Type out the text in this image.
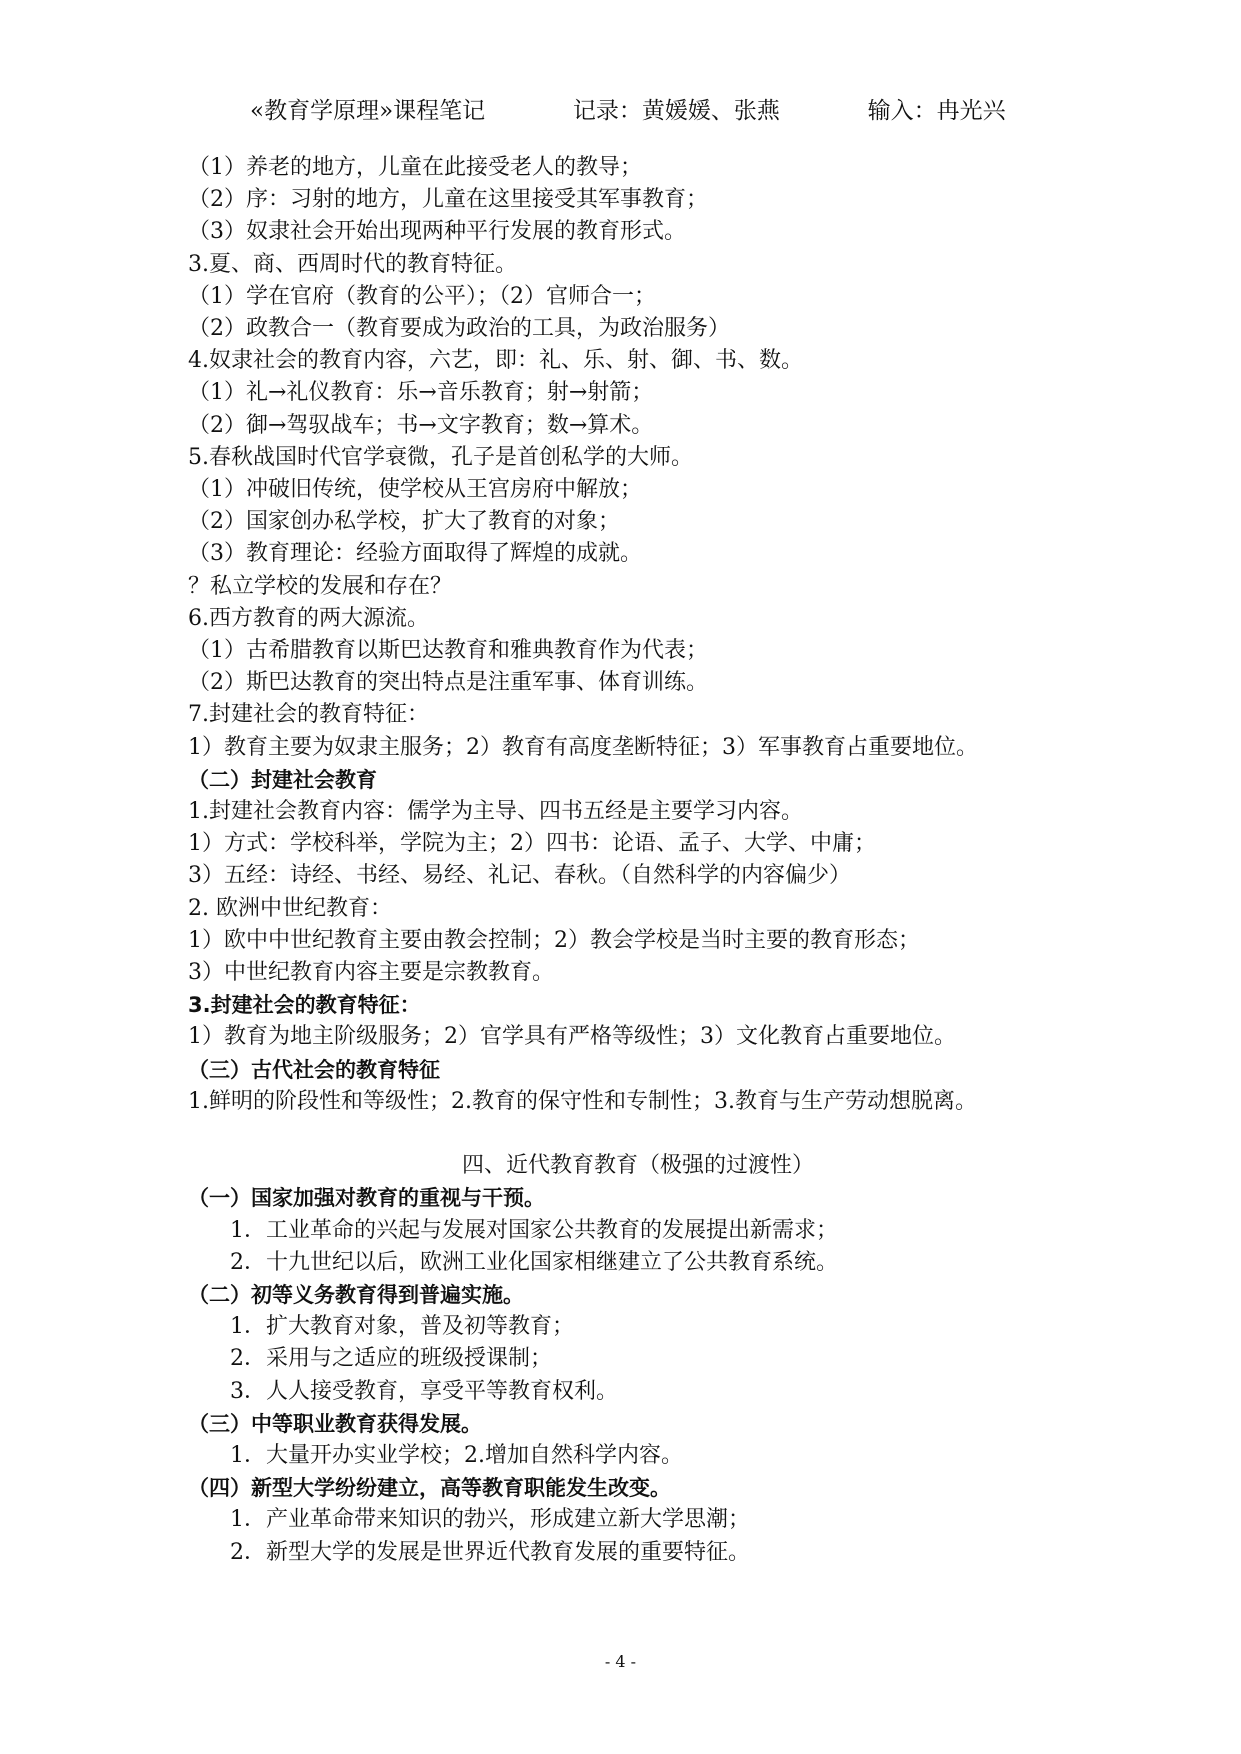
«教育学原理»课程笔记	记录：黄媛媛、张燕	输入：冉光兴
（1）养老的地方，儿童在此接受老人的教导；
（2）序：习射的地方，儿童在这里接受其军事教育；
（3）奴隶社会开始出现两种平行发展的教育形式。
3.夏、商、西周时代的教育特征。
（1）学在官府（教育的公平）；（2）官师合一；
（2）政教合一（教育要成为政治的工具，为政治服务）
4.奴隶社会的教育内容，六艺，即：礼、乐、射、御、书、数。
（1）礼→礼仪教育：乐→音乐教育；射→射箭；
（2）御→驾驭战车；书→文字教育；数→算术。
5.春秋战国时代官学衰微，孔子是首创私学的大师。
（1）冲破旧传统，使学校从王宫房府中解放；
（2）国家创办私学校，扩大了教育的对象；
（3）教育理论：经验方面取得了辉煌的成就。
？私立学校的发展和存在？
6.西方教育的两大源流。
（1）古希腊教育以斯巴达教育和雅典教育作为代表；
（2）斯巴达教育的突出特点是注重军事、体育训练。
7.封建社会的教育特征：
1）教育主要为奴隶主服务；2）教育有高度垄断特征；3）军事教育占重要地位。
（二）封建社会教育
1.封建社会教育内容：儒学为主导、四书五经是主要学习内容。
1）方式：学校科举，学院为主；2）四书：论语、孟子、大学、中庸；
3）五经：诗经、书经、易经、礼记、春秋。（自然科学的内容偏少）
2. 欧洲中世纪教育：
1）欧中中世纪教育主要由教会控制；2）教会学校是当时主要的教育形态；
3）中世纪教育内容主要是宗教教育。
3.封建社会的教育特征：
1）教育为地主阶级服务；2）官学具有严格等级性；3）文化教育占重要地位。
（三）古代社会的教育特征
1.鲜明的阶段性和等级性；2.教育的保守性和专制性；3.教育与生产劳动想脱离。
四、近代教育教育（极强的过渡性）
（一）国家加强对教育的重视与干预。
1．工业革命的兴起与发展对国家公共教育的发展提出新需求；
2．十九世纪以后，欧洲工业化国家相继建立了公共教育系统。
（二）初等义务教育得到普遍实施。
1．扩大教育对象，普及初等教育；
2．采用与之适应的班级授课制；
3．人人接受教育，享受平等教育权利。
（三）中等职业教育获得发展。
1．大量开办实业学校；2.增加自然科学内容。
（四）新型大学纷纷建立，高等教育职能发生改变。
1．产业革命带来知识的勃兴，形成建立新大学思潮；
2．新型大学的发展是世界近代教育发展的重要特征。
- 4 -
